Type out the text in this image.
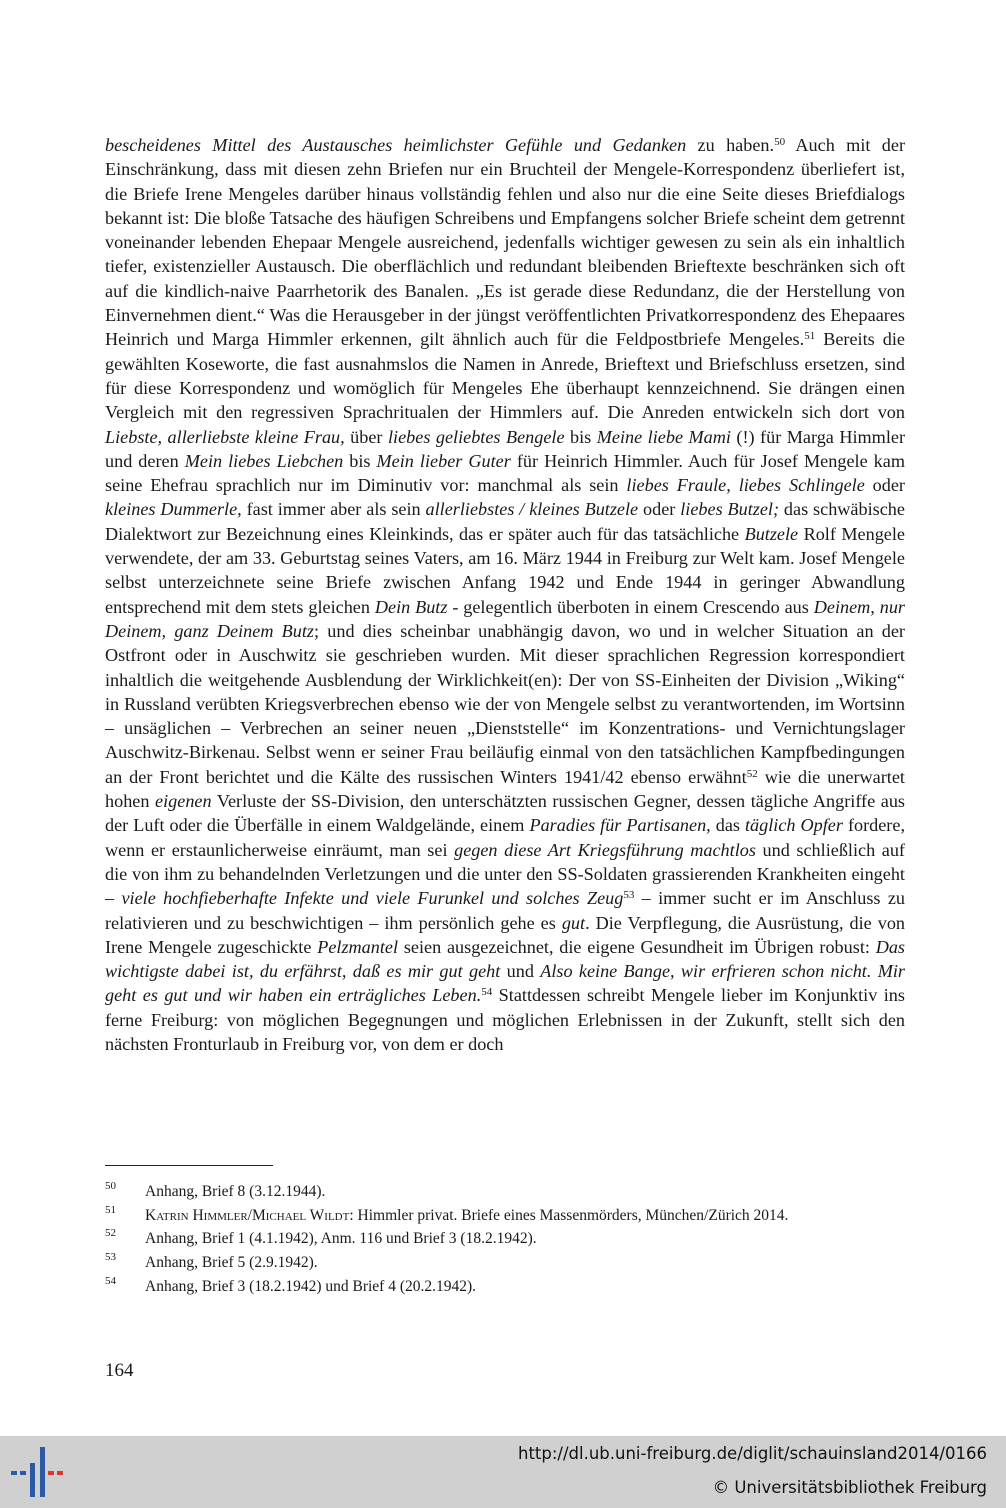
bescheidenes Mittel des Austausches heimlichster Gefühle und Gedanken zu haben.$^{50}$ Auch mit der Einschränkung, dass mit diesen zehn Briefen nur ein Bruchteil der Mengele-Korrespondenz überliefert ist, die Briefe Irene Mengeles darüber hinaus vollständig fehlen und also nur die eine Seite dieses Briefdialogs bekannt ist: Die bloße Tatsache des häufigen Schreibens und Empfangens solcher Briefe scheint dem getrennt voneinander lebenden Ehepaar Mengele ausreichend, jedenfalls wichtiger gewesen zu sein als ein inhaltlich tiefer, existenzieller Austausch. Die oberflächlich und redundant bleibenden Brieftexte beschränken sich oft auf die kindlich-naive Paarrhetorik des Banalen. „Es ist gerade diese Redundanz, die der Herstellung von Einvernehmen dient.“ Was die Herausgeber in der jüngst veröffentlichten Privatkorrespondenz des Ehepaares Heinrich und Marga Himmler erkennen, gilt ähnlich auch für die Feldpostbriefe Mengeles.$^{51}$ Bereits die gewählten Koseworte, die fast ausnahmslos die Namen in Anrede, Brieftext und Briefschluss ersetzen, sind für diese Korrespondenz und womöglich für Mengeles Ehe überhaupt kennzeichnend. Sie drängen einen Vergleich mit den regressiven Sprachritualen der Himmlers auf. Die Anreden entwickeln sich dort von Liebste, allerliebste kleine Frau, über liebes geliebtes Bengele bis Meine liebe Mami (!) für Marga Himmler und deren Mein liebes Liebchen bis Mein lieber Guter für Heinrich Himmler. Auch für Josef Mengele kam seine Ehefrau sprachlich nur im Diminutiv vor: manchmal als sein liebes Fraule, liebes Schlingele oder kleines Dummerle, fast immer aber als sein allerliebstes / kleines Butzele oder liebes Butzel; das schwäbische Dialektwort zur Bezeichnung eines Kleinkinds, das er später auch für das tatsächliche Butzele Rolf Mengele verwendete, der am 33. Geburtstag seines Vaters, am 16. März 1944 in Freiburg zur Welt kam. Josef Mengele selbst unterzeichnete seine Briefe zwischen Anfang 1942 und Ende 1944 in geringer Abwandlung entsprechend mit dem stets gleichen Dein Butz - gelegentlich überboten in einem Crescendo aus Deinem, nur Deinem, ganz Deinem Butz; und dies scheinbar unabhängig davon, wo und in welcher Situation an der Ostfront oder in Auschwitz sie geschrieben wurden. Mit dieser sprachlichen Regression korrespondiert inhaltlich die weitgehende Ausblendung der Wirklichkeit(en): Der von SS-Einheiten der Division „Wiking“ in Russland verübten Kriegsverbrechen ebenso wie der von Mengele selbst zu verantwortenden, im Wortsinn – unsäglichen – Verbrechen an seiner neuen „Dienststelle“ im Konzentrations- und Vernichtungslager Auschwitz-Birkenau. Selbst wenn er seiner Frau beiläufig einmal von den tatsächlichen Kampfbedingungen an der Front berichtet und die Kälte des russischen Winters 1941/42 ebenso erwähnt$^{52}$ wie die unerwartet hohen eigenen Verluste der SS-Division, den unterschätzten russischen Gegner, dessen tägliche Angriffe aus der Luft oder die Überfälle in einem Waldgelände, einem Paradies für Partisanen, das täglich Opfer fordere, wenn er erstaunlicherweise einräumt, man sei gegen diese Art Kriegsführung machtlos und schließlich auf die von ihm zu behandelnden Verletzungen und die unter den SS-Soldaten grassierenden Krankheiten eingeht – viele hochfieberhafte Infekte und viele Furunkel und solches Zeug$^{53}$ – immer sucht er im Anschluss zu relativieren und zu beschwichtigen – ihm persönlich gehe es gut. Die Verpflegung, die Ausrüstung, die von Irene Mengele zugeschickte Pelzmantel seien ausgezeichnet, die eigene Gesundheit im Übrigen robust: Das wichtigste dabei ist, du erfährst, daß es mir gut geht und Also keine Bange, wir erfrieren schon nicht. Mir geht es gut und wir haben ein erträgliches Leben.$^{54}$ Stattdessen schreibt Mengele lieber im Konjunktiv ins ferne Freiburg: von möglichen Begegnungen und möglichen Erlebnissen in der Zukunft, stellt sich den nächsten Fronturlaub in Freiburg vor, von dem er doch

50 Anhang, Brief 8 (3.12.1944).
51 Katrin Himmler/Michael Wildt: Himmler privat. Briefe eines Massenmörders, München/Zürich 2014.
52 Anhang, Brief 1 (4.1.1942), Anm. 116 und Brief 3 (18.2.1942).
53 Anhang, Brief 5 (2.9.1942).
54 Anhang, Brief 3 (18.2.1942) und Brief 4 (20.2.1942).
164
http://dl.ub.uni-freiburg.de/diglit/schauinsland2014/0166
© Universitätsbibliothek Freiburg
